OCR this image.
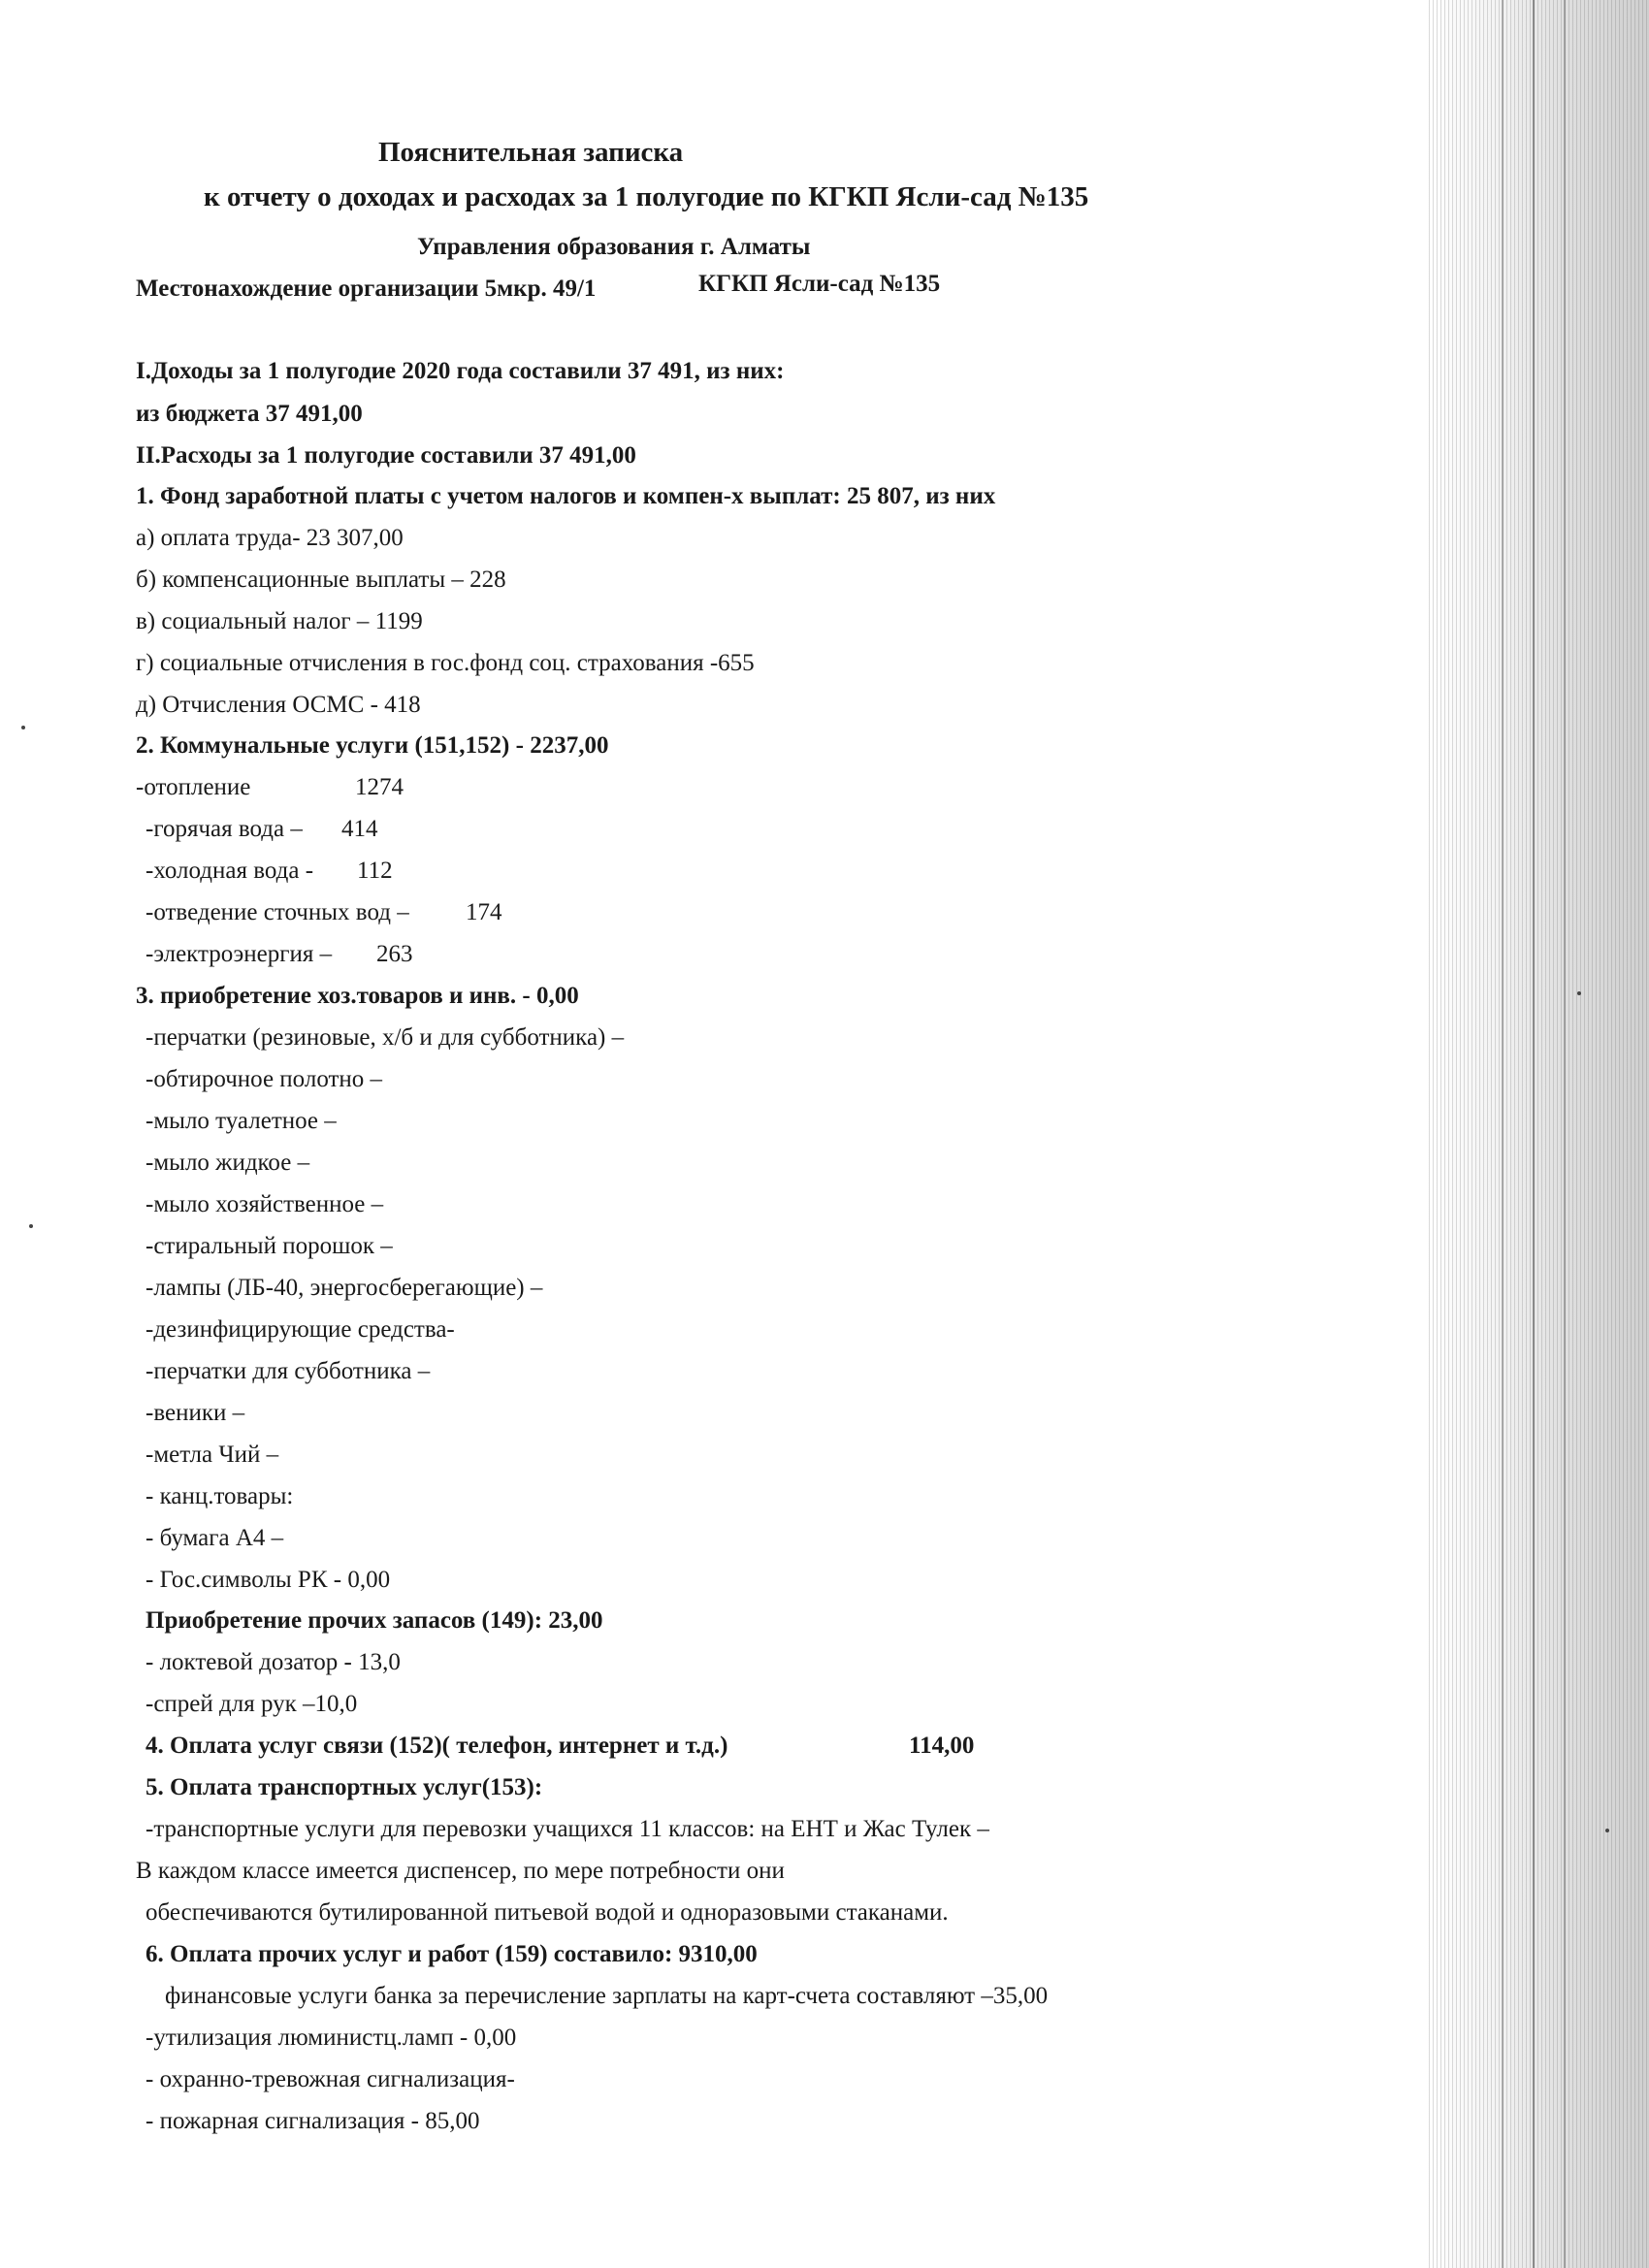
Пояснительная записка
к отчету о доходах и расходах за 1 полугодие по КГКП Ясли-сад №135
Управления образования г. Алматы
Местонахождение организации 5мкр. 49/1	КГКП Ясли-сад №135
I.Доходы за 1 полугодие 2020 года составили 37 491, из них:
из бюджета 37 491,00
II.Расходы за 1 полугодие составили 37 491,00
1. Фонд заработной платы с учетом налогов и компен-х выплат: 25 807, из них
а) оплата труда- 23 307,00
б) компенсационные выплаты – 228
в) социальный налог – 1199
г) социальные отчисления в гос.фонд соц. страхования -655
д) Отчисления ОСМС - 418
2. Коммунальные услуги (151,152) - 2237,00
-отопление	1274
-горячая вода – 414
-холодная вода - 112
-отведение сточных вод – 174
-электроэнергия – 263
3. приобретение хоз.товаров и инв. - 0,00
-перчатки (резиновые, х/б и для субботника) –
-обтирочное полотно –
-мыло туалетное –
-мыло жидкое –
-мыло хозяйственное –
-стиральный порошок –
-лампы (ЛБ-40, энергосберегающие) –
-дезинфицирующие средства-
-перчатки для субботника –
-веники –
-метла Чий –
- канц.товары:
- бумага А4 –
- Гос.символы РК - 0,00
Приобретение прочих запасов (149): 23,00
- локтевой дозатор - 13,0
-спрей для рук –10,0
4. Оплата услуг связи (152)( телефон, интернет и т.д.)	114,00
5. Оплата транспортных услуг(153):
-транспортные услуги для перевозки учащихся 11 классов: на ЕНТ и Жас Тулек –
В каждом классе имеется диспенсер, по мере потребности они
обеспечиваются бутилированной питьевой водой и одноразовыми стаканами.
6. Оплата прочих услуг и работ (159) составило: 9310,00
финансовые услуги банка за перечисление зарплаты на карт-счета составляют –35,00
-утилизация люминистц.ламп - 0,00
- охранно-тревожная сигнализация-
- пожарная сигнализация - 85,00
